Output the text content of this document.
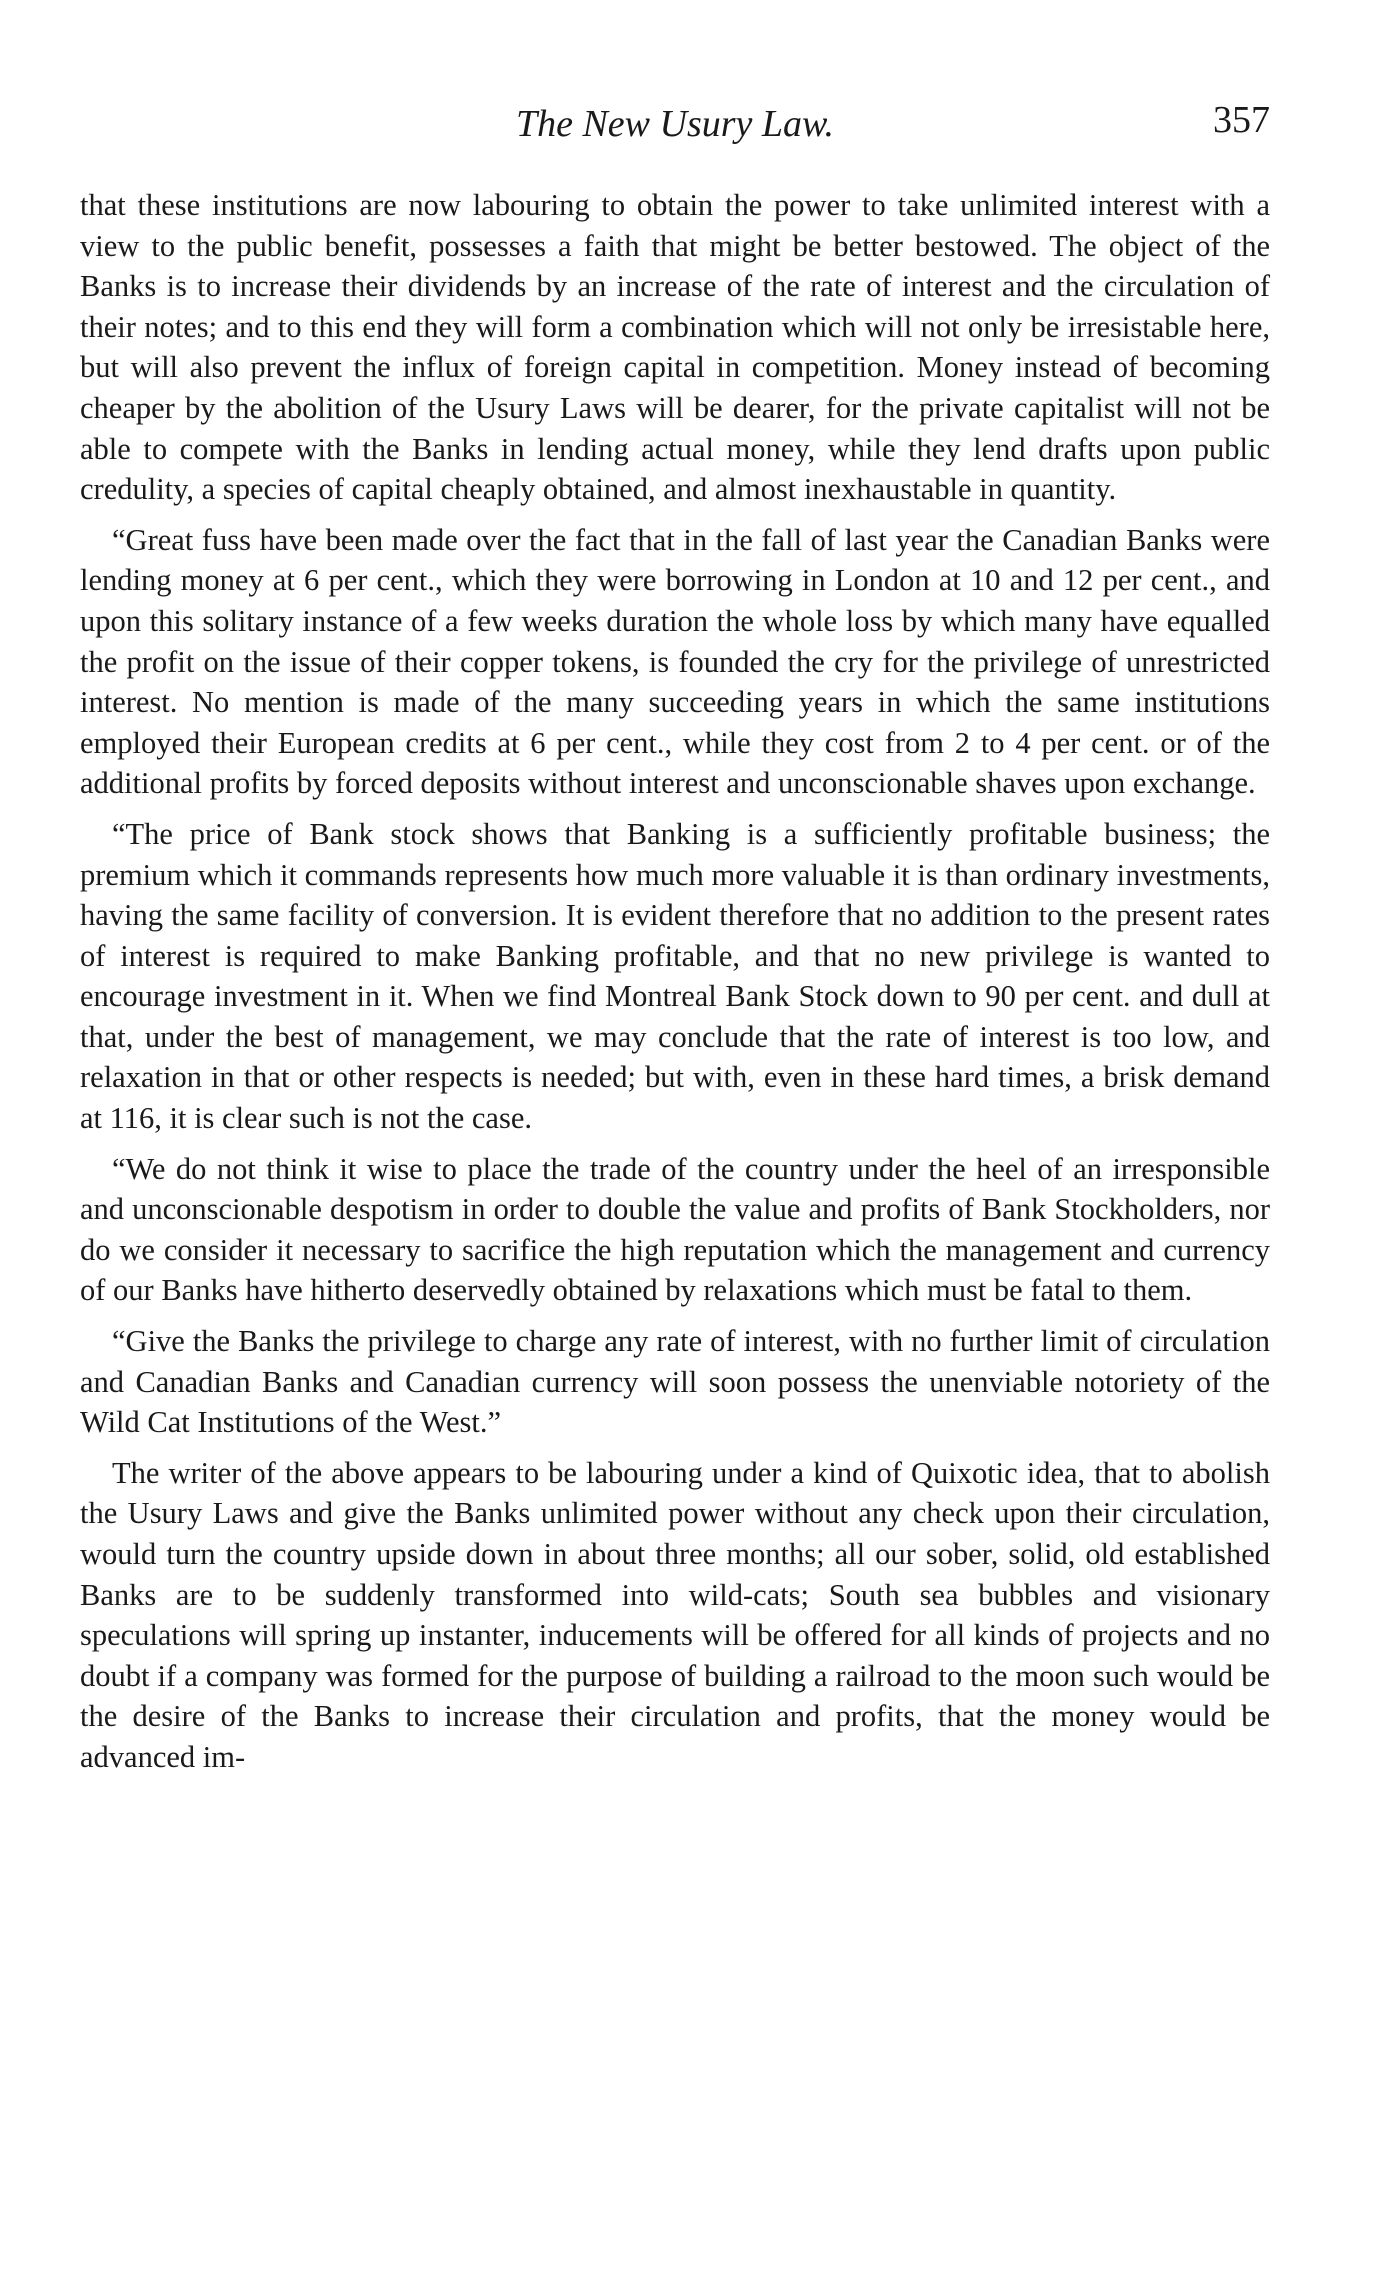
The New Usury Law.	357

that these institutions are now labouring to obtain the power to take unlimited interest with a view to the public benefit, possesses a faith that might be better bestowed. The object of the Banks is to increase their dividends by an increase of the rate of interest and the circulation of their notes; and to this end they will form a combination which will not only be irresistable here, but will also prevent the influx of foreign capital in competition. Money instead of becoming cheaper by the abolition of the Usury Laws will be dearer, for the private capitalist will not be able to compete with the Banks in lending actual money, while they lend drafts upon public credulity, a species of capital cheaply obtained, and almost inexhaustable in quantity.

“Great fuss have been made over the fact that in the fall of last year the Canadian Banks were lending money at 6 per cent., which they were borrowing in London at 10 and 12 per cent., and upon this solitary instance of a few weeks duration the whole loss by which many have equalled the profit on the issue of their copper tokens, is founded the cry for the privilege of unrestricted interest. No mention is made of the many succeeding years in which the same institutions employed their European credits at 6 per cent., while they cost from 2 to 4 per cent. or of the additional profits by forced deposits without interest and unconscionable shaves upon exchange.

“The price of Bank stock shows that Banking is a sufficiently profitable business; the premium which it commands represents how much more valuable it is than ordinary investments, having the same facility of conversion. It is evident therefore that no addition to the present rates of interest is required to make Banking profitable, and that no new privilege is wanted to encourage investment in it. When we find Montreal Bank Stock down to 90 per cent. and dull at that, under the best of management, we may conclude that the rate of interest is too low, and relaxation in that or other respects is needed; but with, even in these hard times, a brisk demand at 116, it is clear such is not the case.

“We do not think it wise to place the trade of the country under the heel of an irresponsible and unconscionable despotism in order to double the value and profits of Bank Stockholders, nor do we consider it necessary to sacrifice the high reputation which the management and currency of our Banks have hitherto deservedly obtained by relaxations which must be fatal to them.

“Give the Banks the privilege to charge any rate of interest, with no further limit of circulation and Canadian Banks and Canadian currency will soon possess the unenviable notoriety of the Wild Cat Institutions of the West.”

The writer of the above appears to be labouring under a kind of Quixotic idea, that to abolish the Usury Laws and give the Banks unlimited power without any check upon their circulation, would turn the country upside down in about three months; all our sober, solid, old established Banks are to be suddenly transformed into wild-cats; South sea bubbles and visionary speculations will spring up instanter, inducements will be offered for all kinds of projects and no doubt if a company was formed for the purpose of building a railroad to the moon such would be the desire of the Banks to increase their circulation and profits, that the money would be advanced im-
